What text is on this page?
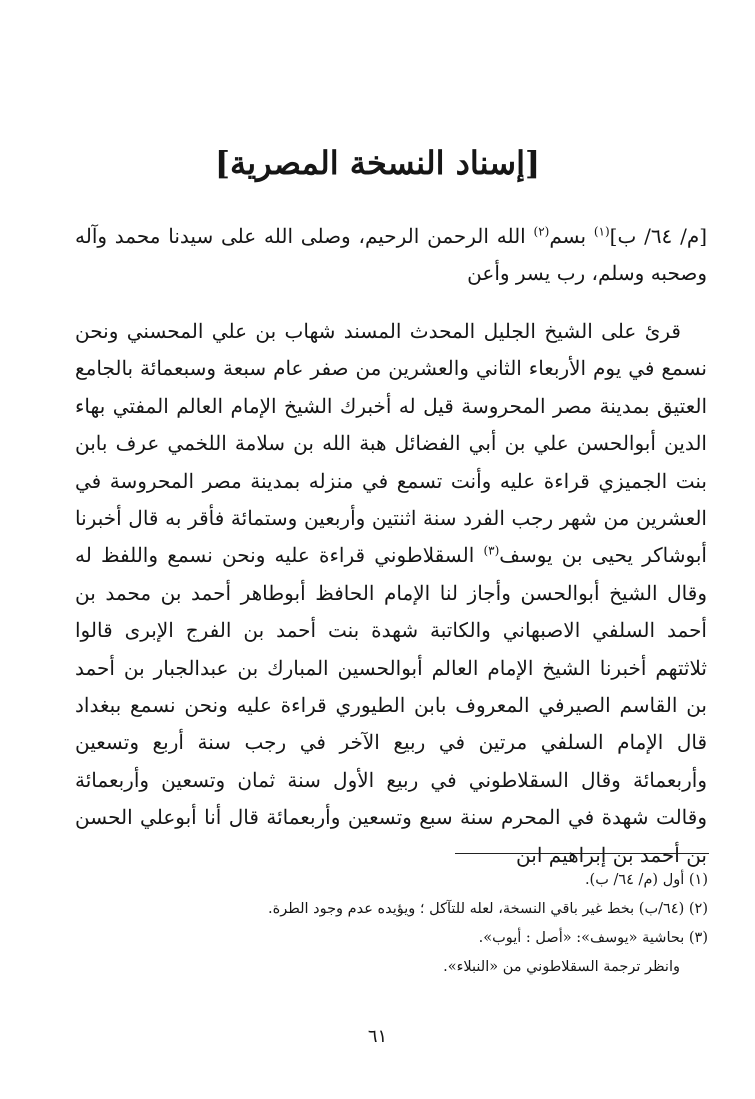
[إسناد النسخة المصرية]

[م/ ٦٤/ ب]$^{(١)}$ بسم$^{(٢)}$ الله الرحمن الرحيم، وصلى الله على سيدنا محمد وآله وصحبه وسلم، رب يسر وأعن

قرئ على الشيخ الجليل المحدث المسند شهاب بن علي المحسني ونحن نسمع في يوم الأربعاء الثاني والعشرين من صفر عام سبعة وسبعمائة بالجامع العتيق بمدينة مصر المحروسة قيل له أخبرك الشيخ الإمام العالم المفتي بهاء الدين أبوالحسن علي بن أبي الفضائل هبة الله بن سلامة اللخمي عرف بابن بنت الجميزي قراءة عليه وأنت تسمع في منزله بمدينة مصر المحروسة في العشرين من شهر رجب الفرد سنة اثنتين وأربعين وستمائة فأقر به قال أخبرنا أبوشاكر يحيى بن يوسف$^{(٣)}$ السقلاطوني قراءة عليه ونحن نسمع واللفظ له وقال الشيخ أبوالحسن وأجاز لنا الإمام الحافظ أبوطاهر أحمد بن محمد بن أحمد السلفي الاصبهاني والكاتبة شهدة بنت أحمد بن الفرج الإبرى قالوا ثلاثتهم أخبرنا الشيخ الإمام العالم أبوالحسين المبارك بن عبدالجبار بن أحمد بن القاسم الصيرفي المعروف بابن الطيوري قراءة عليه ونحن نسمع ببغداد قال الإمام السلفي مرتين في ربيع الآخر في رجب سنة أربع وتسعين وأربعمائة وقال السقلاطوني في ربيع الأول سنة ثمان وتسعين وأربعمائة وقالت شهدة في المحرم سنة سبع وتسعين وأربعمائة قال أنا أبوعلي الحسن بن أحمد بن إبراهيم ابن

(١) أول (م/ ٦٤/ ب).

(٢) (٦٤/ب) بخط غير باقي النسخة، لعله للتآكل ؛ ويؤيده عدم وجود الطرة.

(٣) بحاشية «يوسف»: «أصل : أيوب».

وانظر ترجمة السقلاطوني من «النبلاء».

٦١
